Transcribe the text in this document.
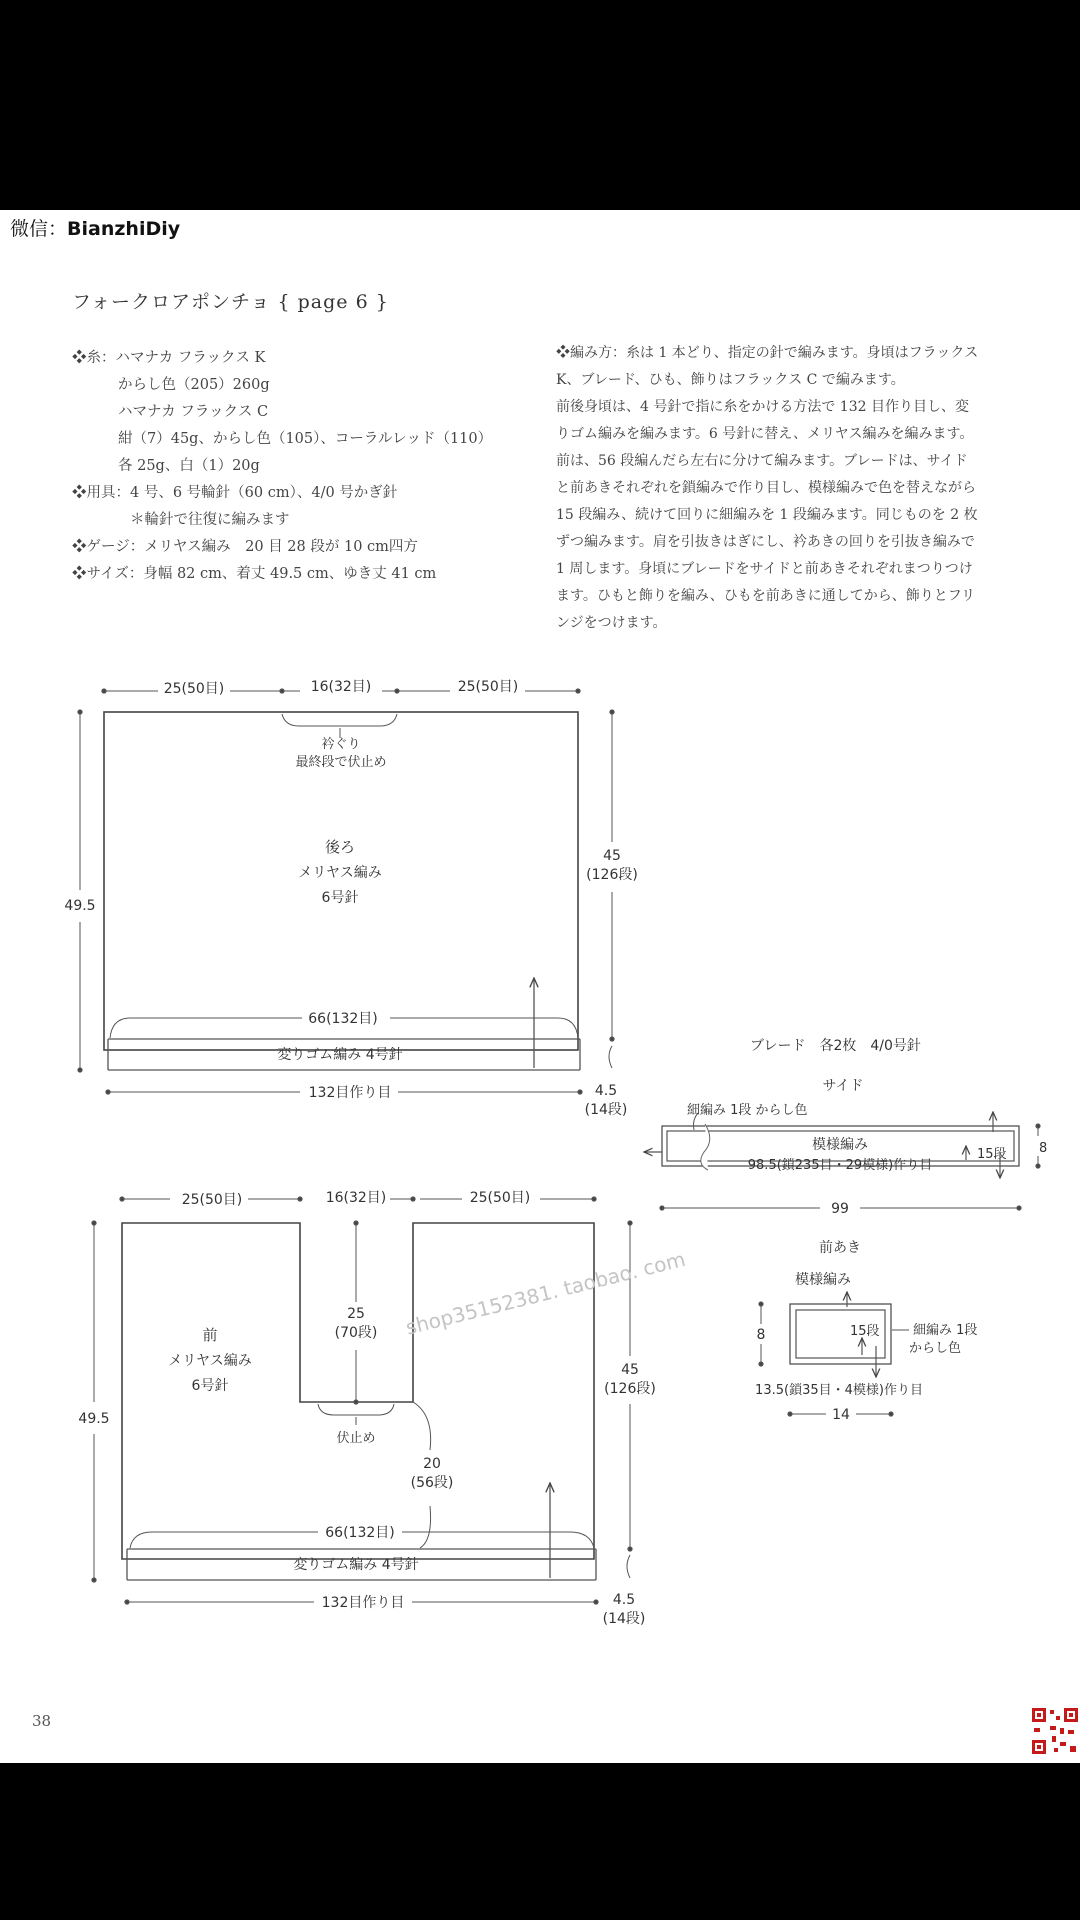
微信：BianzhiDiy
フォークロアポンチョ { page 6 }
❖糸：ハマナカ フラックス K
からし色（205）260g
ハマナカ フラックス C
紺（7）45g、からし色（105）、コーラルレッド（110）
各 25g、白（1）20g
❖用具：4 号、6 号輪針（60 cm）、4/0 号かぎ針
＊輪針で往復に編みます
❖ゲージ：メリヤス編み　20 目 28 段が 10 cm四方
❖サイズ：身幅 82 cm、着丈 49.5 cm、ゆき丈 41 cm
❖編み方：糸は 1 本どり、指定の針で編みます。身頃はフラックス
K、ブレード、ひも、飾りはフラックス C で編みます。
前後身頃は、4 号針で指に糸をかける方法で 132 目作り目し、変
りゴム編みを編みます。6 号針に替え、メリヤス編みを編みます。
前は、56 段編んだら左右に分けて編みます。ブレードは、サイド
と前あきそれぞれを鎖編みで作り目し、模様編みで色を替えながら
15 段編み、続けて回りに細編みを 1 段編みます。同じものを 2 枚
ずつ編みます。肩を引抜きはぎにし、衿あきの回りを引抜き編みで
1 周します。身頃にブレードをサイドと前あきそれぞれまつりつけ
ます。ひもと飾りを編み、ひもを前あきに通してから、飾りとフリ
ンジをつけます。
25(50目)	16(32目)	25(50目)
衿ぐり
最終段で伏止め
後ろ
メリヤス編み
6号針
49.5
45
(126段)
66(132目)
変りゴム編み 4号針
132目作り目	4.5
(14段)
25(50目)	16(32目)	25(50目)
25
(70段)
伏止め
前
メリヤス編み
6号針
49.5
45
(126段)
20
(56段)
66(132目)
変りゴム編み 4号針
132目作り目	4.5
(14段)
ブレード　各2枚　4/0号針
サイド
細編み 1段 からし色
模様編み
98.5(鎖235目・29模様)作り目
15段 8
99
前あき
模様編み
8	15段	細編み 1段
からし色
13.5(鎖35目・4模様)作り目
14
shop35152381. taobao. com
38
